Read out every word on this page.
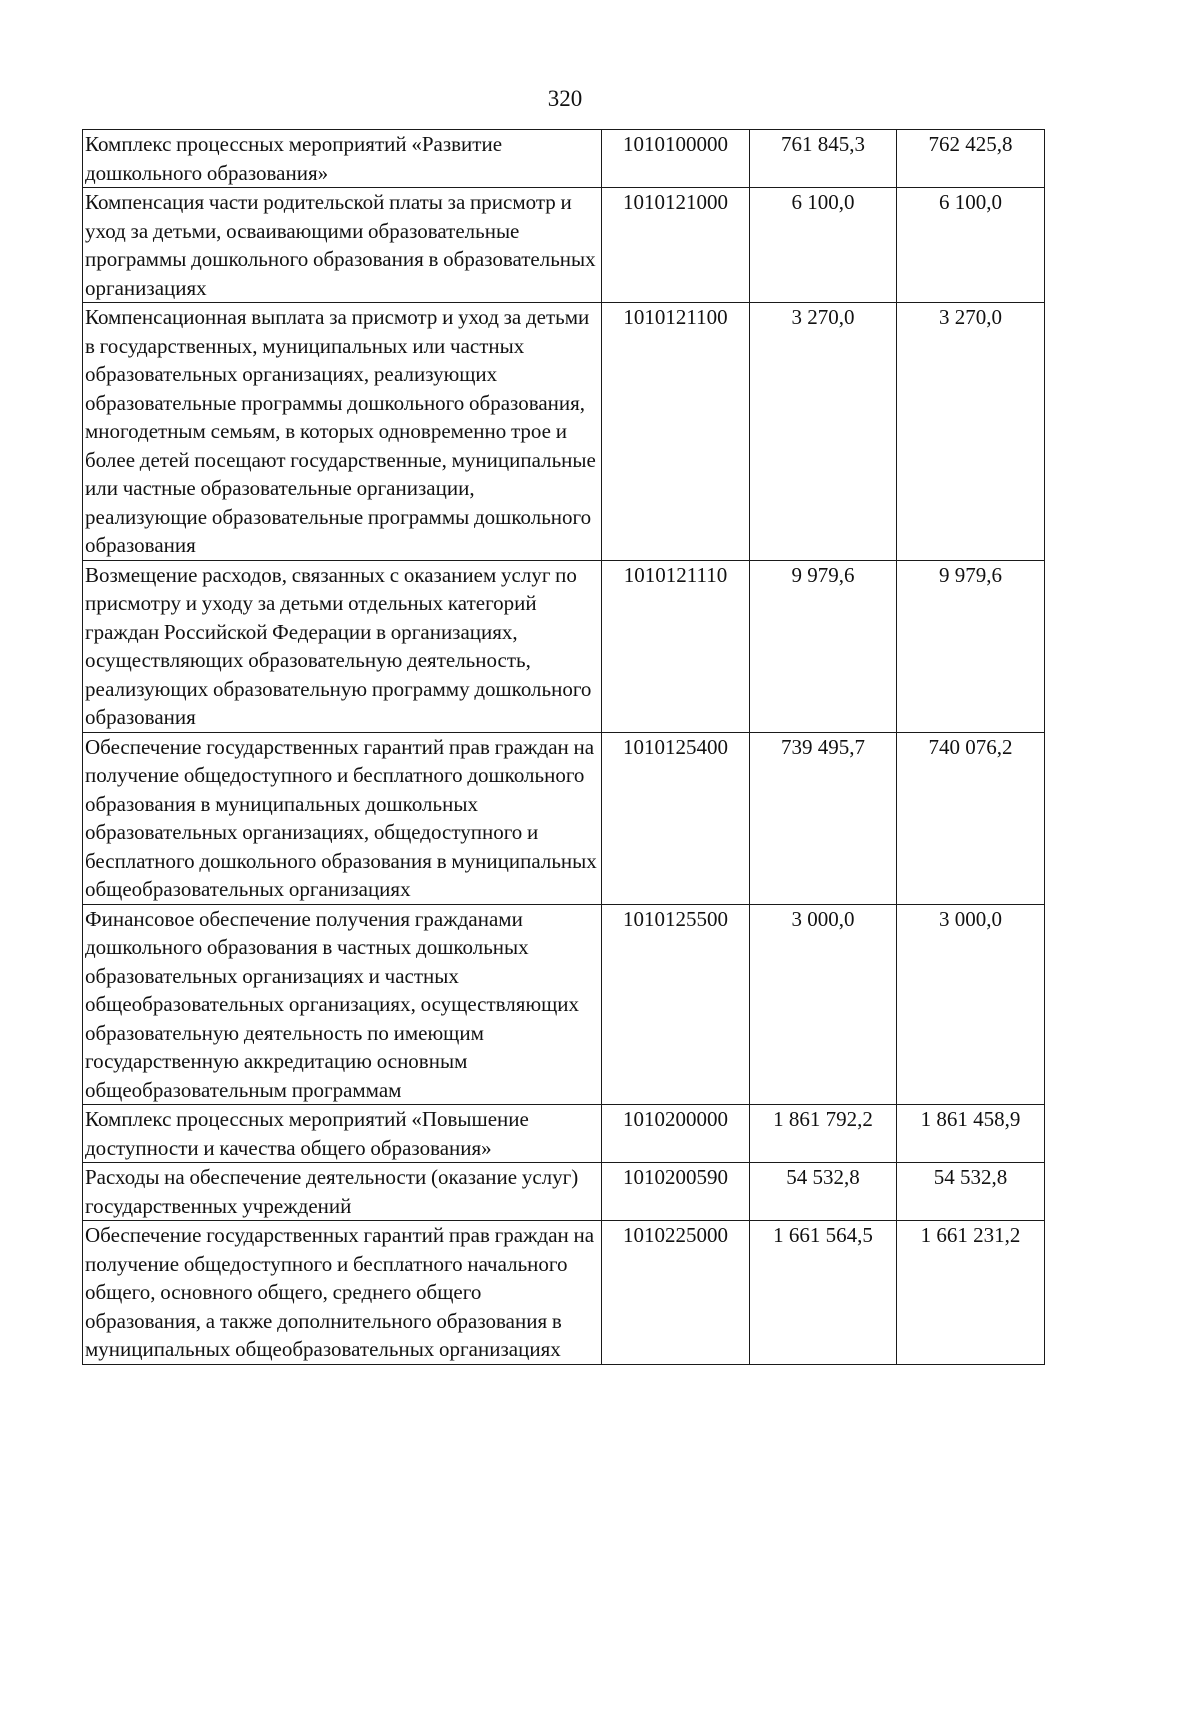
320
Комплекс процессных мероприятий «Развитие дошкольного образования»	1010100000	761 845,3	762 425,8

Компенсация части родительской платы за присмотр и уход за детьми, осваивающими образовательные программы дошкольного образования в образовательных организациях	1010121000	6 100,0	6 100,0

Компенсационная выплата за присмотр и уход за детьми в государственных, муниципальных или частных образовательных организациях, реализующих образовательные программы дошкольного образования, многодетным семьям, в которых одновременно трое и более детей посещают государственные, муниципальные или частные образовательные организации, реализующие образовательные программы дошкольного образования	1010121100	3 270,0	3 270,0

Возмещение расходов, связанных с оказанием услуг по присмотру и уходу за детьми отдельных категорий граждан Российской Федерации в организациях, осуществляющих образовательную деятельность, реализующих образовательную программу дошкольного образования	1010121110	9 979,6	9 979,6

Обеспечение государственных гарантий прав граждан на получение общедоступного и бесплатного дошкольного образования в муниципальных дошкольных образовательных организациях, общедоступного и бесплатного дошкольного образования в муниципальных общеобразовательных организациях	1010125400	739 495,7	740 076,2

Финансовое обеспечение получения гражданами дошкольного образования в частных дошкольных образовательных организациях и частных общеобразовательных организациях, осуществляющих образовательную деятельность по имеющим государственную аккредитацию основным общеобразовательным программам	1010125500	3 000,0	3 000,0

Комплекс процессных мероприятий «Повышение доступности и качества общего образования»	1010200000	1 861 792,2	1 861 458,9

Расходы на обеспечение деятельности (оказание услуг) государственных учреждений	1010200590	54 532,8	54 532,8

Обеспечение государственных гарантий прав граждан на получение общедоступного и бесплатного начального общего, основного общего, среднего общего образования, а также дополнительного образования в муниципальных общеобразовательных организациях	1010225000	1 661 564,5	1 661 231,2
